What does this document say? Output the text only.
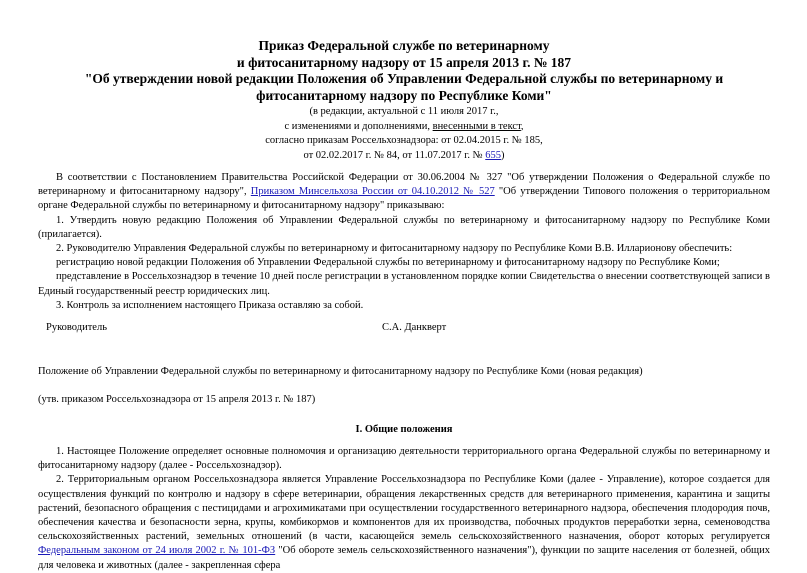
Приказ Федеральной службе по ветеринарному
и фитосанитарному надзору от 15 апреля 2013 г. № 187
"Об утверждении новой редакции Положения об Управлении Федеральной службы по ветеринарному и
фитосанитарному надзору по Республике Коми"
(в редакции, актуальной с 11 июля 2017 г.,
с изменениями и дополнениями, внесенными в текст,
согласно приказам Россельхознадзора: от 02.04.2015 г. № 185,
от 02.02.2017 г. № 84, от 11.07.2017 г. № 655)

В соответствии с Постановлением Правительства Российской Федерации от 30.06.2004 № 327 "Об утверждении Положения о Федеральной службе по ветеринарному и фитосанитарному надзору", Приказом Минсельхоза России от 04.10.2012 № 527 "Об утверждении Типового положения о территориальном органе Федеральной службы по ветеринарному и фитосанитарному надзору" приказываю:

1. Утвердить новую редакцию Положения об Управлении Федеральной службы по ветеринарному и фитосанитарному надзору по Республике Коми (прилагается).

2. Руководителю Управления Федеральной службы по ветеринарному и фитосанитарному надзору по Республике Коми В.В. Илларионову обеспечить:

регистрацию новой редакции Положения об Управлении Федеральной службы по ветеринарному и фитосанитарному надзору по Республике Коми;

представление в Россельхознадзор в течение 10 дней после регистрации в установленном порядке копии Свидетельства о внесении соответствующей записи в Единый государственный реестр юридических лиц.

3. Контроль за исполнением настоящего Приказа оставляю за собой.

Руководитель	С.А. Данкверт
Положение об Управлении Федеральной службы по ветеринарному и фитосанитарному надзору по Республике Коми (новая редакция)
(утв. приказом Россельхознадзора от 15 апреля 2013 г. № 187)
I. Общие положения

1. Настоящее Положение определяет основные полномочия и организацию деятельности территориального органа Федеральной службы по ветеринарному и фитосанитарному надзору (далее - Россельхознадзор).

2. Территориальным органом Россельхознадзора является Управление Россельхознадзора по Республике Коми (далее - Управление), которое создается для осуществления функций по контролю и надзору в сфере ветеринарии, обращения лекарственных средств для ветеринарного применения, карантина и защиты растений, безопасного обращения с пестицидами и агрохимикатами при осуществлении государственного ветеринарного надзора, обеспечения плодородия почв, обеспечения качества и безопасности зерна, крупы, комбикормов и компонентов для их производства, побочных продуктов переработки зерна, семеноводства сельскохозяйственных растений, земельных отношений (в части, касающейся земель сельскохозяйственного назначения, оборот которых регулируется Федеральным законом от 24 июля 2002 г. № 101-ФЗ "Об обороте земель сельскохозяйственного назначения"), функции по защите населения от болезней, общих для человека и животных (далее - закрепленная сфера
